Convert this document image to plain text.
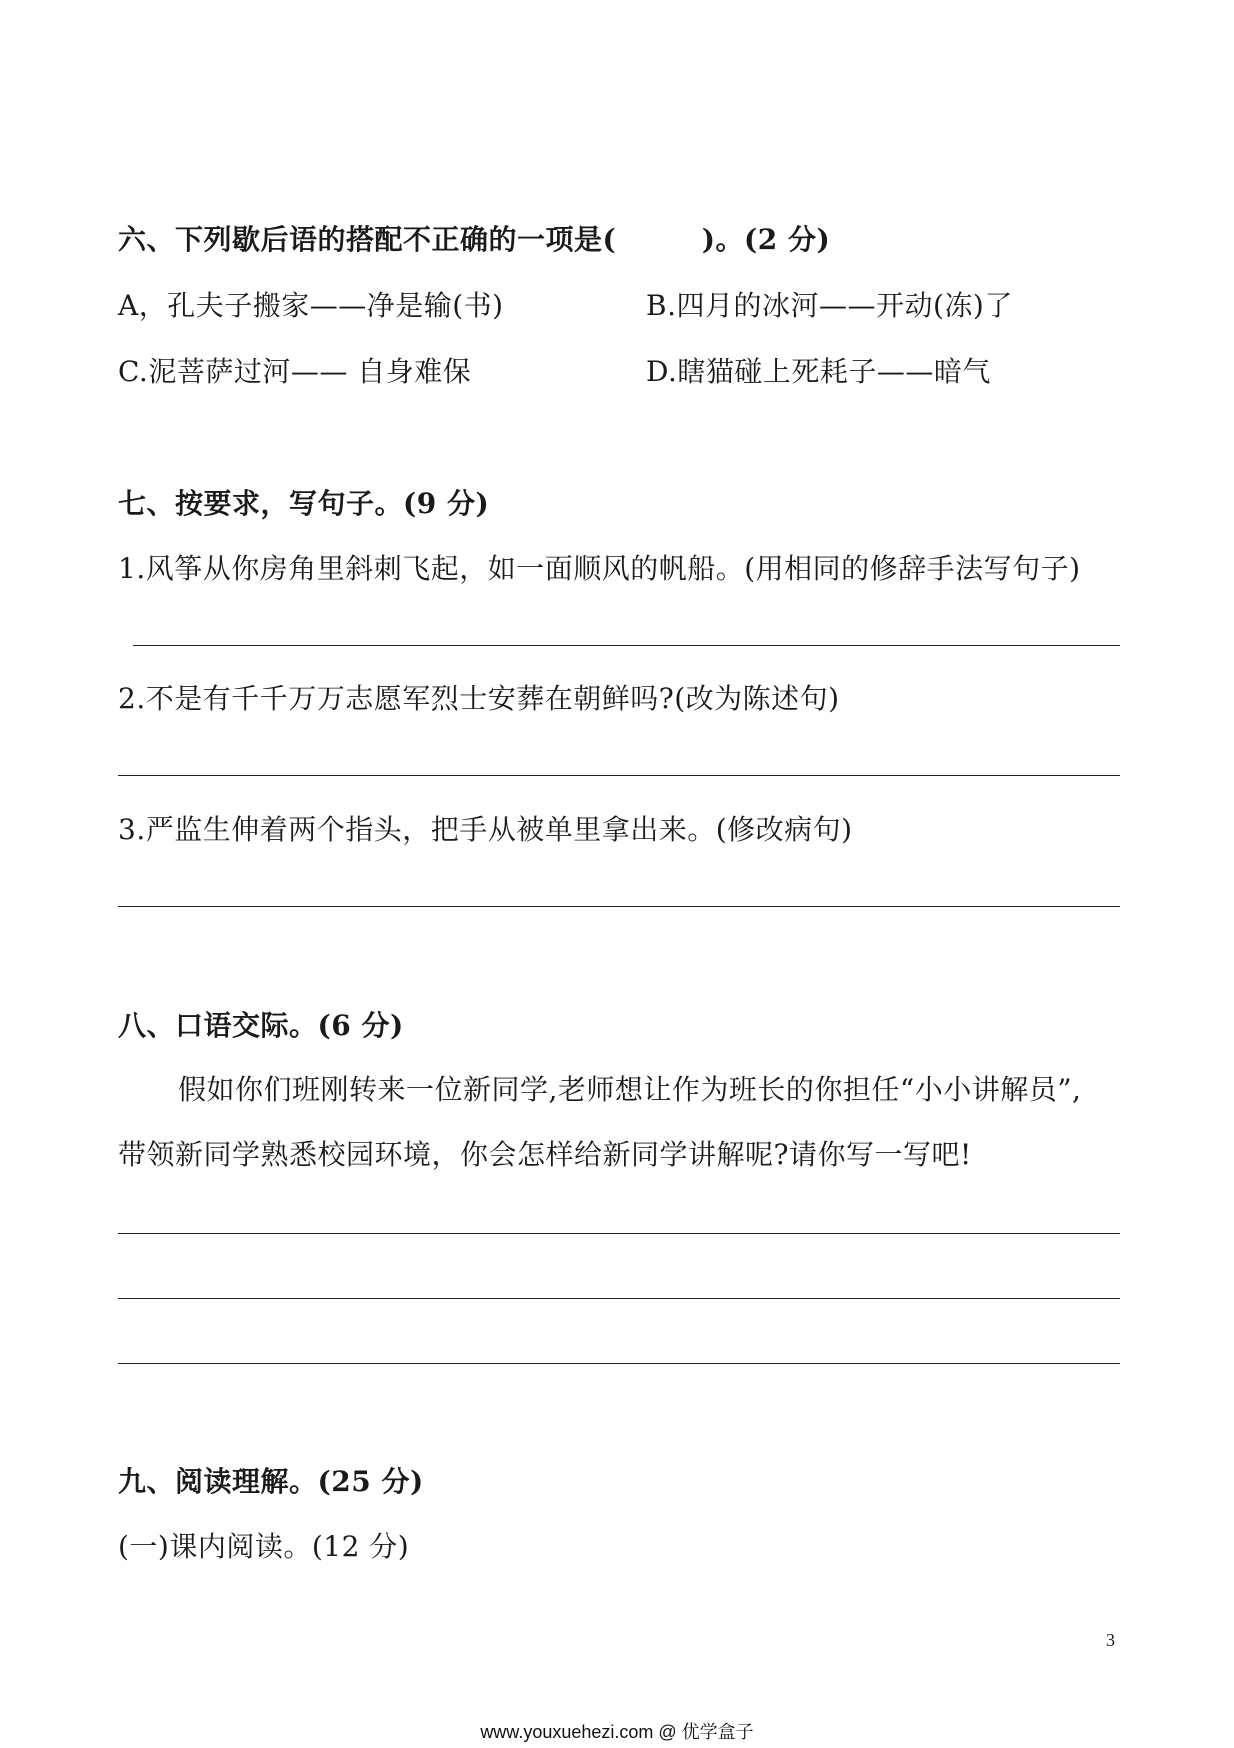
六、下列歇后语的搭配不正确的一项是(　　　)。(2 分)
A，孔夫子搬家——净是输(书)	B.四月的冰河——开动(冻)了
C.泥菩萨过河—— 自身难保	D.瞎猫碰上死耗子——暗气
七、按要求，写句子。(9 分)
1.风筝从你房角里斜刺飞起，如一面顺风的帆船。(用相同的修辞手法写句子)
2.不是有千千万万志愿军烈士安葬在朝鲜吗?(改为陈述句)
3.严监生伸着两个指头，把手从被单里拿出来。(修改病句)
八、口语交际。(6 分)
假如你们班刚转来一位新同学,老师想让作为班长的你担任“小小讲解员”,
带领新同学熟悉校园环境，你会怎样给新同学讲解呢?请你写一写吧!
九、阅读理解。(25 分)
(一)课内阅读。(12 分)
3
www.youxuehezi.com @ 优学盒子
